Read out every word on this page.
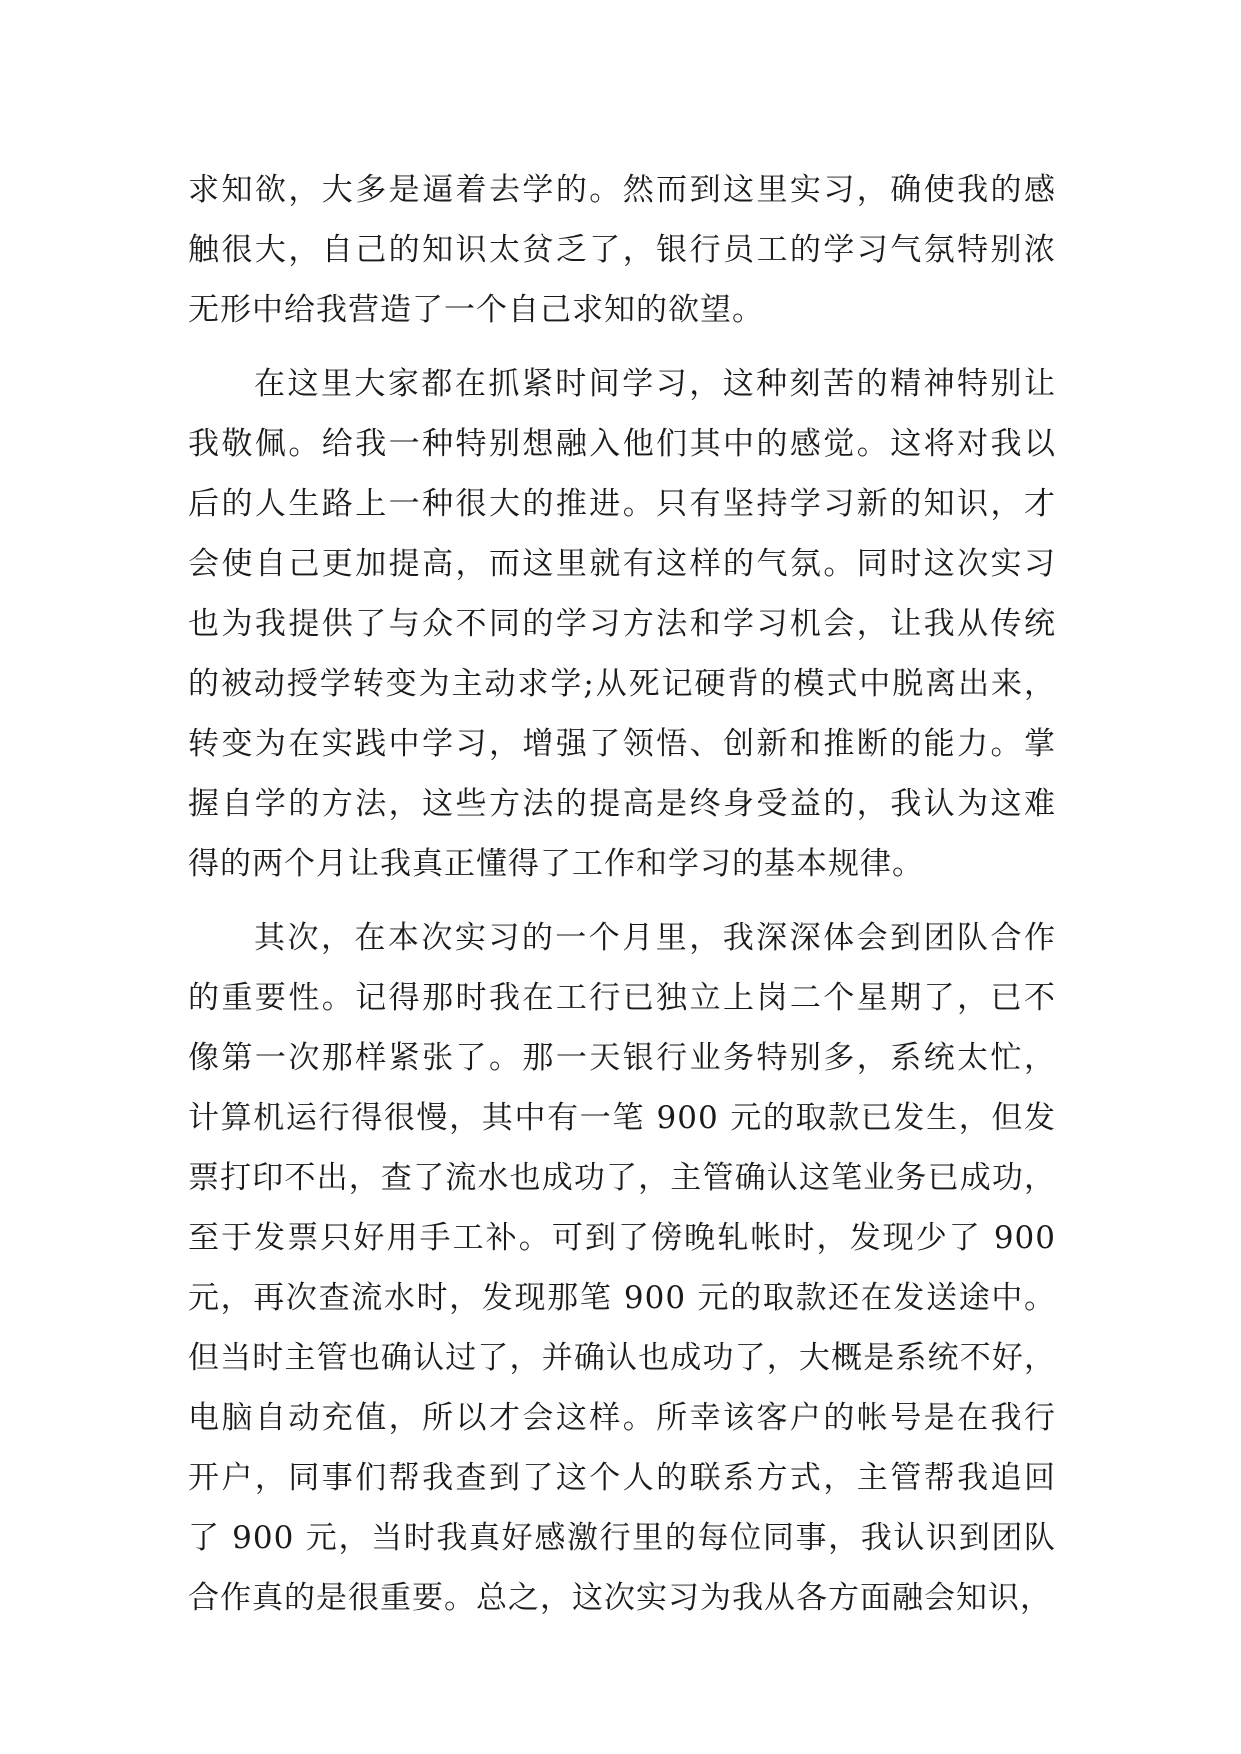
求知欲，大多是逼着去学的。然而到这里实习，确使我的感
触很大，自己的知识太贫乏了，银行员工的学习气氛特别浓
无形中给我营造了一个自己求知的欲望。
在这里大家都在抓紧时间学习，这种刻苦的精神特别让
我敬佩。给我一种特别想融入他们其中的感觉。这将对我以
后的人生路上一种很大的推进。只有坚持学习新的知识，才
会使自己更加提高，而这里就有这样的气氛。同时这次实习
也为我提供了与众不同的学习方法和学习机会，让我从传统
的被动授学转变为主动求学;从死记硬背的模式中脱离出来，
转变为在实践中学习，增强了领悟、创新和推断的能力。掌
握自学的方法，这些方法的提高是终身受益的，我认为这难
得的两个月让我真正懂得了工作和学习的基本规律。
其次，在本次实习的一个月里，我深深体会到团队合作
的重要性。记得那时我在工行已独立上岗二个星期了，已不
像第一次那样紧张了。那一天银行业务特别多，系统太忙，
计算机运行得很慢，其中有一笔 900 元的取款已发生，但发
票打印不出，查了流水也成功了，主管确认这笔业务已成功，
至于发票只好用手工补。可到了傍晚轧帐时，发现少了 900
元，再次查流水时，发现那笔 900 元的取款还在发送途中。
但当时主管也确认过了，并确认也成功了，大概是系统不好，
电脑自动充值，所以才会这样。所幸该客户的帐号是在我行
开户，同事们帮我查到了这个人的联系方式，主管帮我追回
了 900 元，当时我真好感激行里的每位同事，我认识到团队
合作真的是很重要。总之，这次实习为我从各方面融会知识，
